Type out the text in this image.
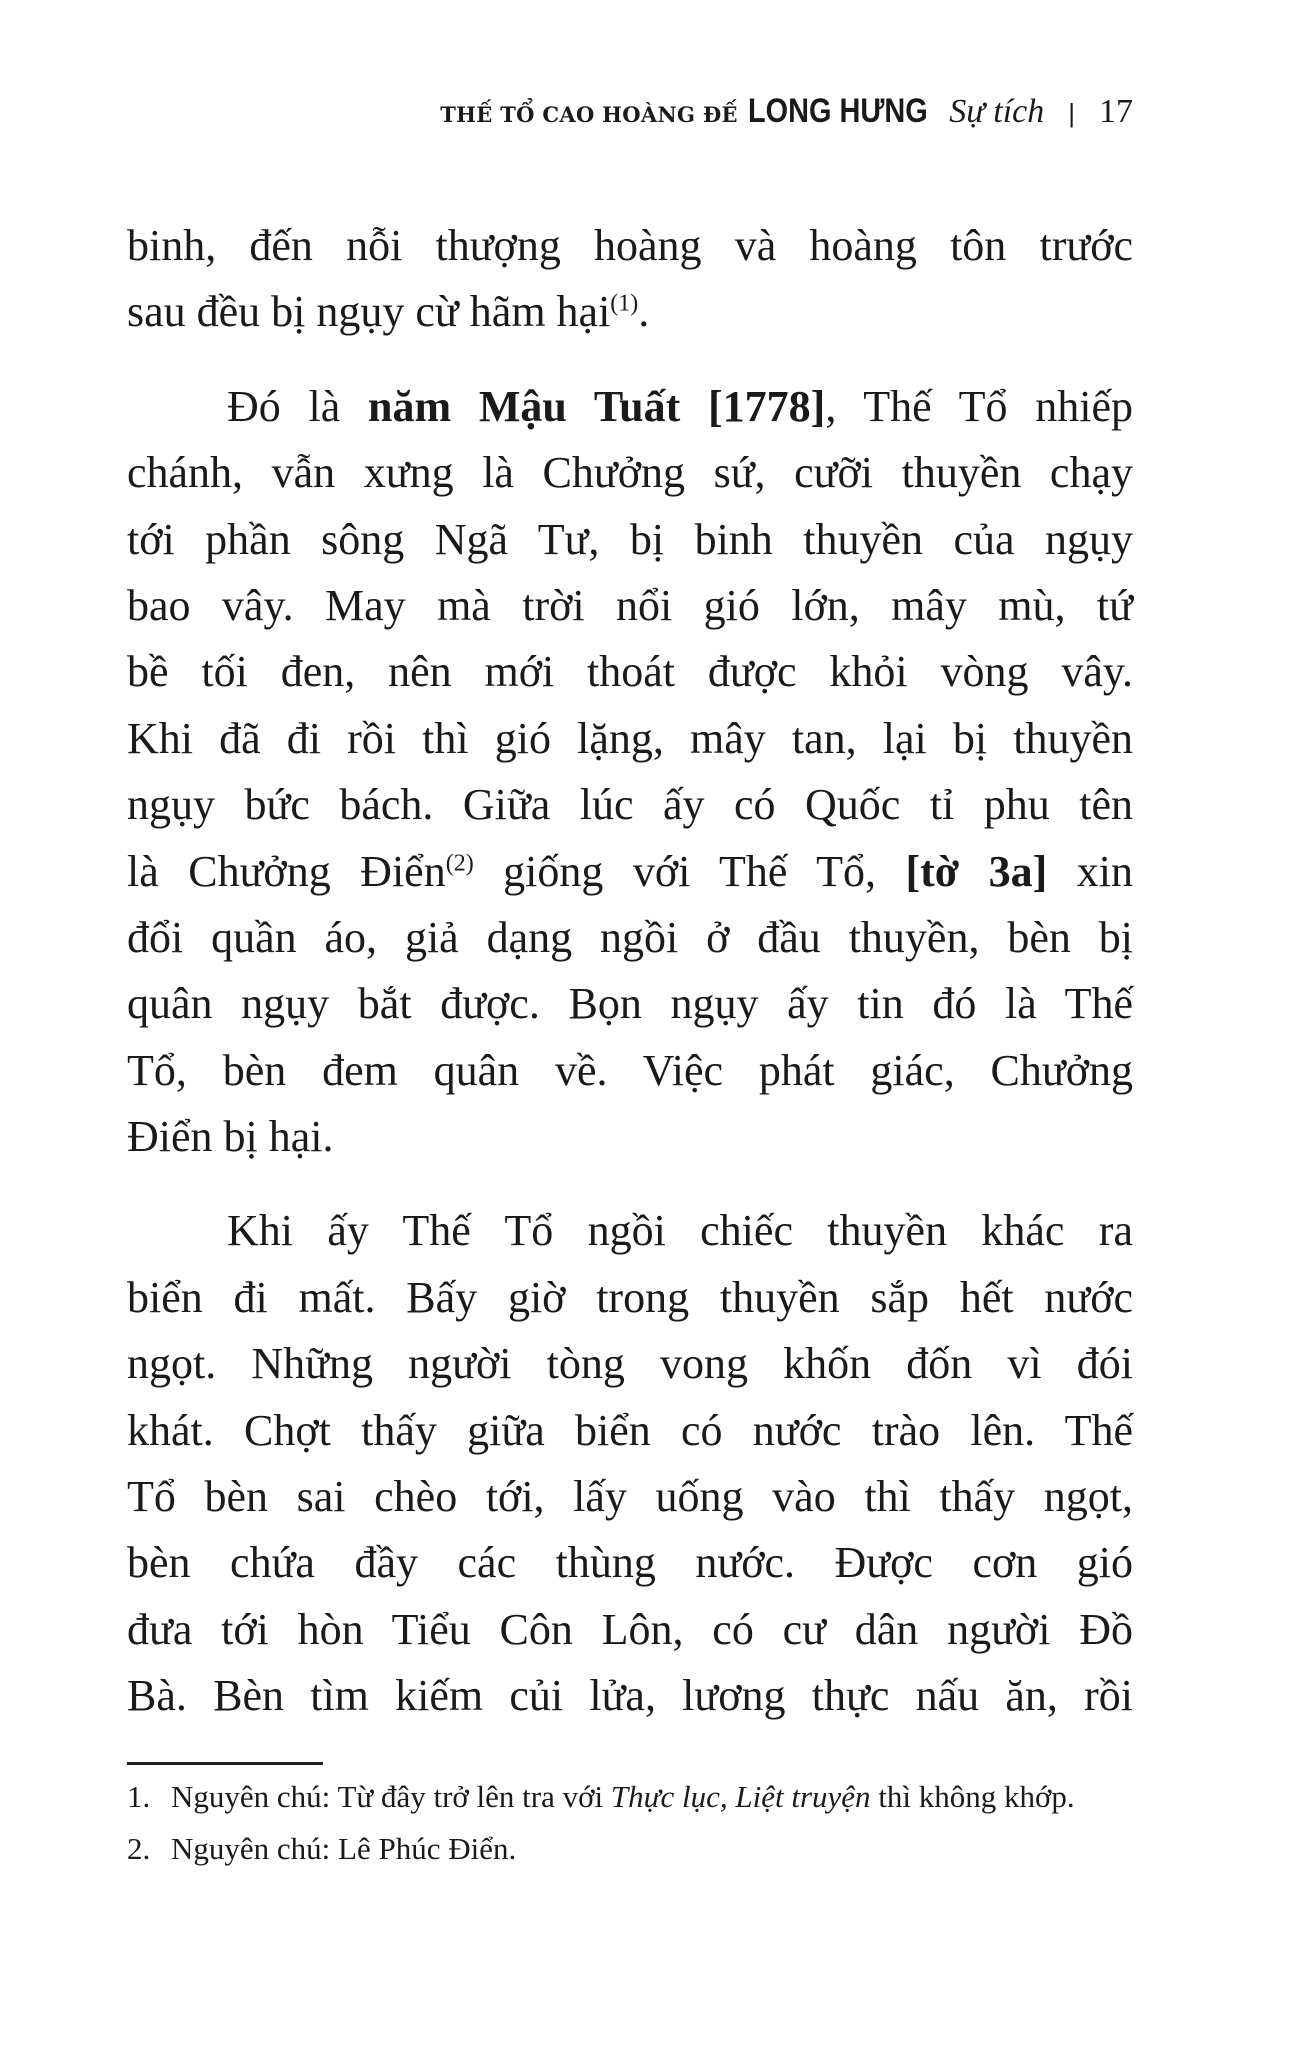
THẾ TỔ CAO HOÀNG ĐẾ LONG HƯNG Sự tích | 17
binh, đến nỗi thượng hoàng và hoàng tôn trước
sau đều bị ngụy cừ hãm hại$^{(1)}$.
Đó là năm Mậu Tuất [1778], Thế Tổ nhiếp
chánh, vẫn xưng là Chưởng sứ, cưỡi thuyền chạy
tới phần sông Ngã Tư, bị binh thuyền của ngụy
bao vây. May mà trời nổi gió lớn, mây mù, tứ
bề tối đen, nên mới thoát được khỏi vòng vây.
Khi đã đi rồi thì gió lặng, mây tan, lại bị thuyền
ngụy bức bách. Giữa lúc ấy có Quốc tỉ phu tên
là Chưởng Điển$^{(2)}$ giống với Thế Tổ, [tờ 3a] xin
đổi quần áo, giả dạng ngồi ở đầu thuyền, bèn bị
quân ngụy bắt được. Bọn ngụy ấy tin đó là Thế
Tổ, bèn đem quân về. Việc phát giác, Chưởng
Điển bị hại.
Khi ấy Thế Tổ ngồi chiếc thuyền khác ra
biển đi mất. Bấy giờ trong thuyền sắp hết nước
ngọt. Những người tòng vong khốn đốn vì đói
khát. Chợt thấy giữa biển có nước trào lên. Thế
Tổ bèn sai chèo tới, lấy uống vào thì thấy ngọt,
bèn chứa đầy các thùng nước. Được cơn gió
đưa tới hòn Tiểu Côn Lôn, có cư dân người Đồ
Bà. Bèn tìm kiếm củi lửa, lương thực nấu ăn, rồi
1. Nguyên chú: Từ đây trở lên tra với Thực lục, Liệt truyện thì không khớp.
2. Nguyên chú: Lê Phúc Điển.
